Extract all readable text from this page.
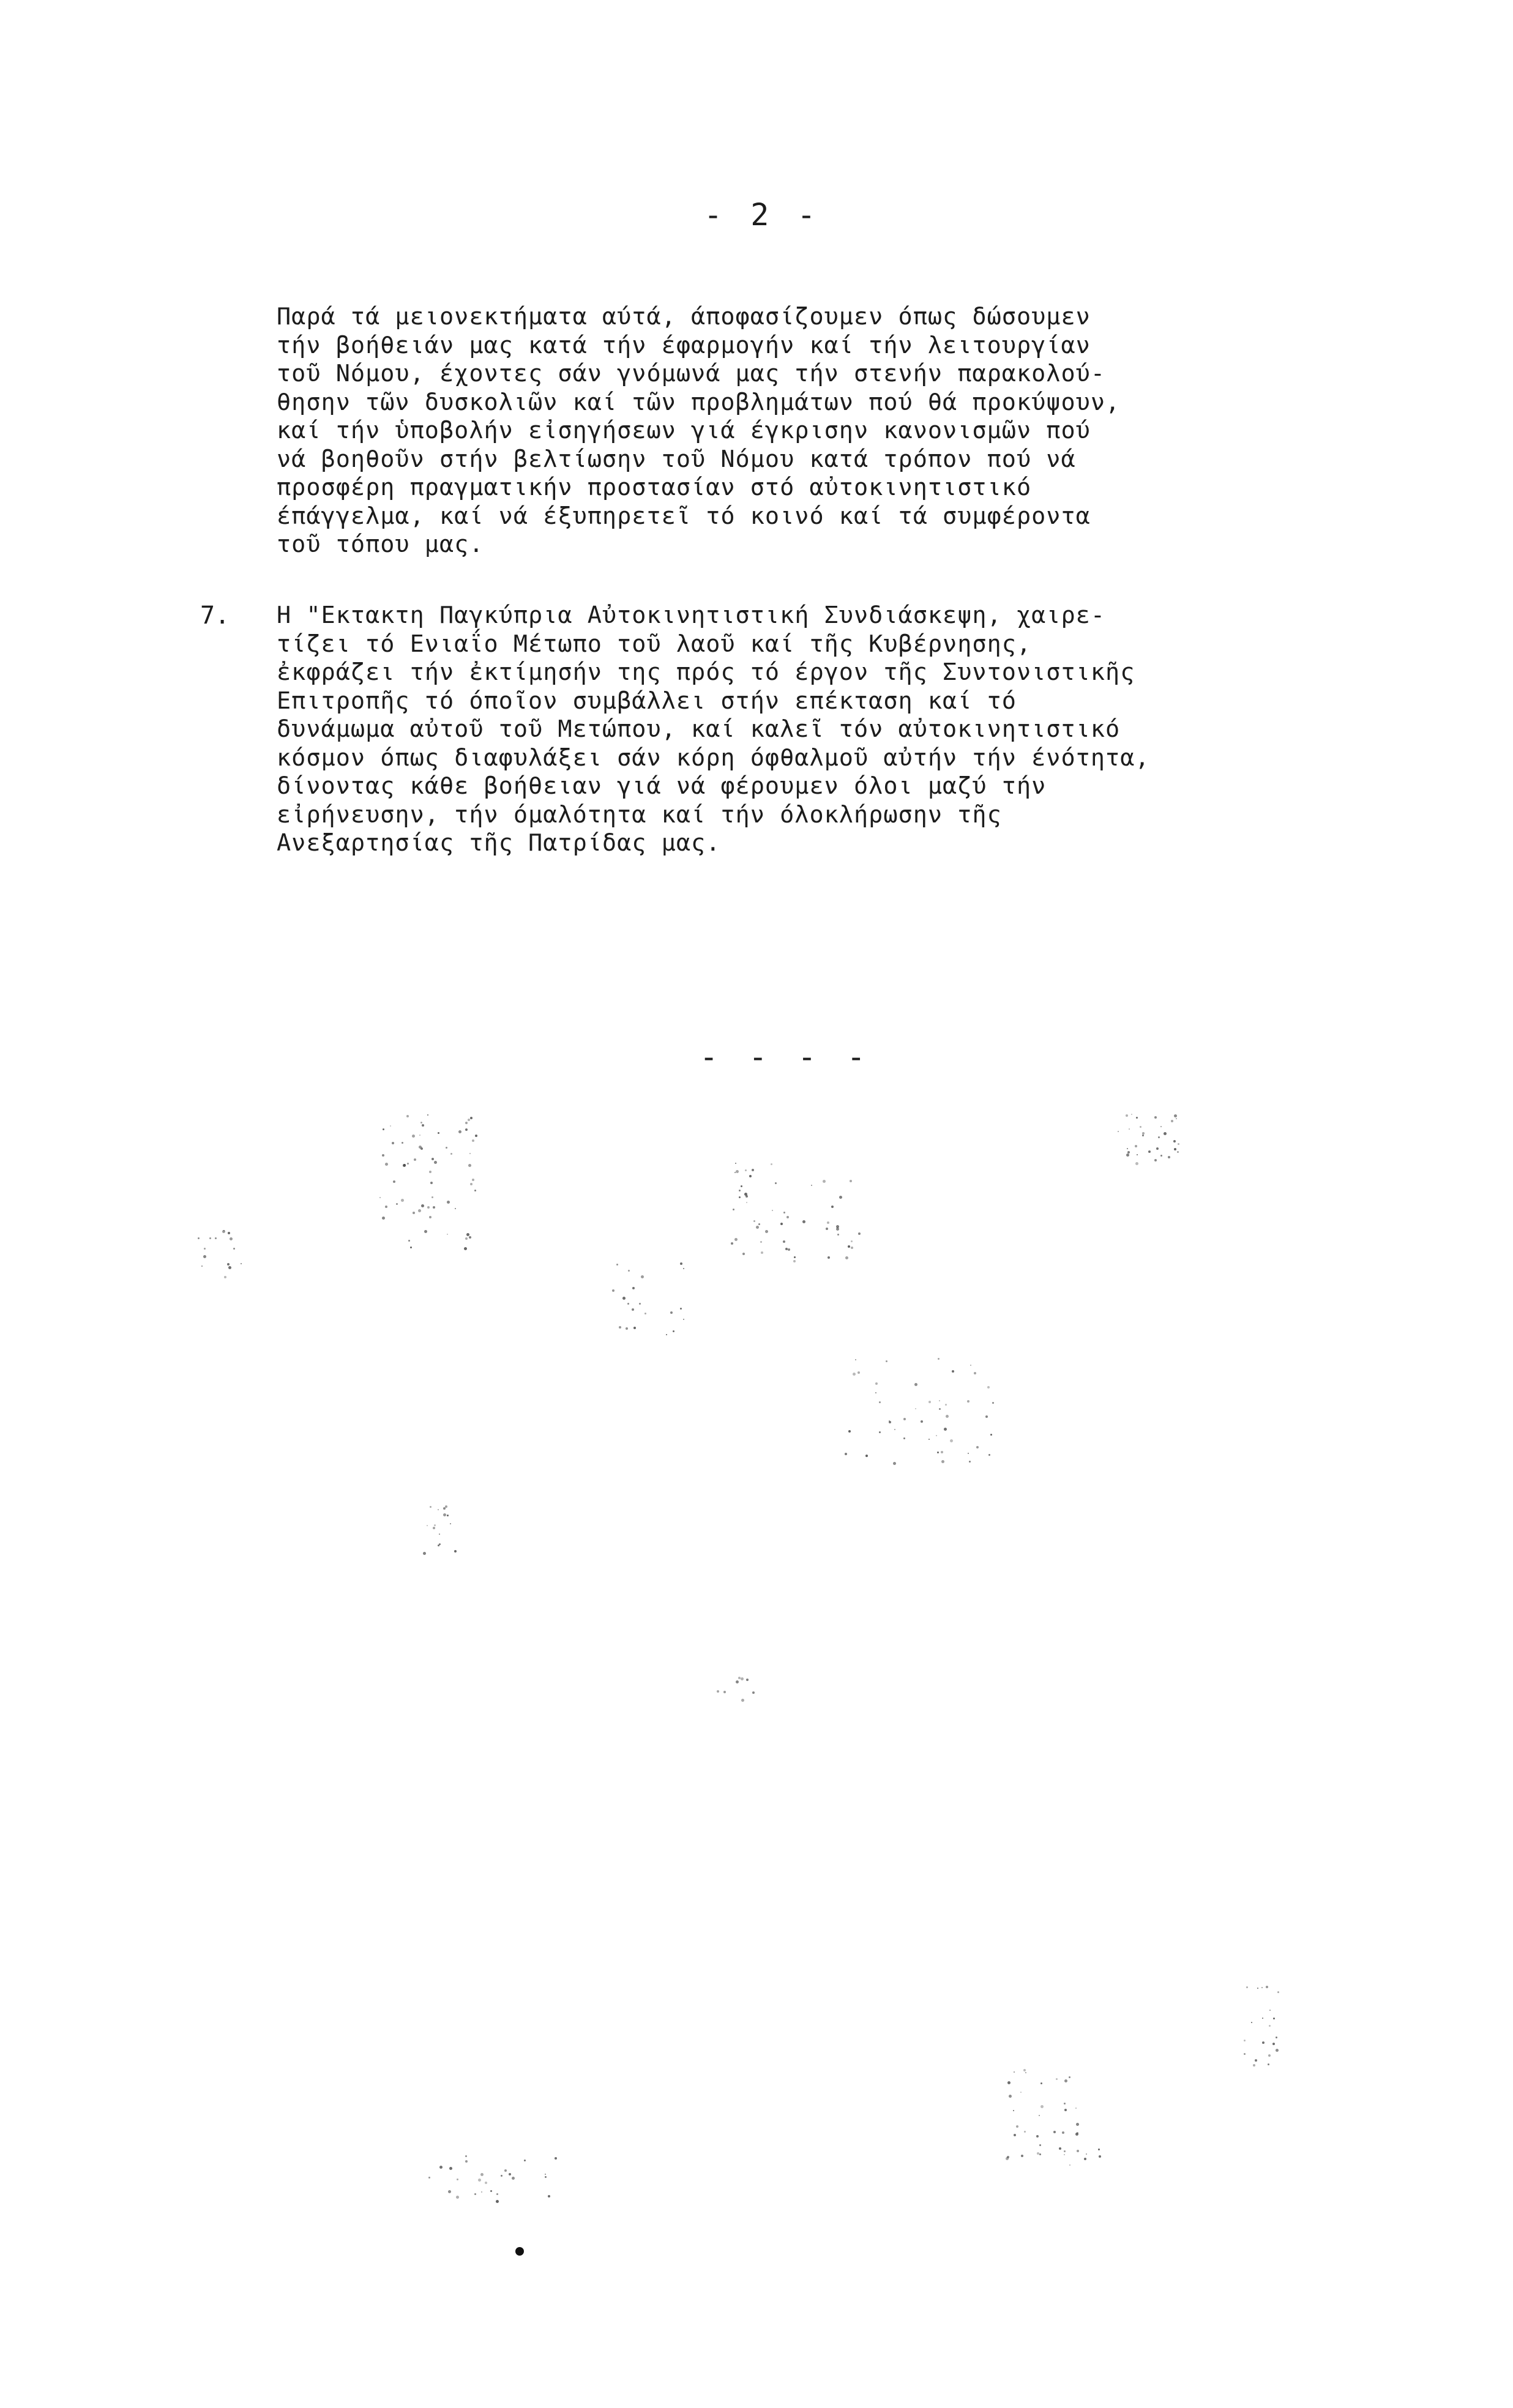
- 2 -
Παρά τά μειονεκτήματα αύτά, άποφασίζουμεν όπως δώσουμεν
τήν βοήθειάν μας κατά τήν έφαρμογήν καί τήν λειτουργίαν
τοῦ Νόμου, έχοντες σάν γνόμωνά μας τήν στενήν παρακολού-
θησην τῶν δυσκολιῶν καί τῶν προβλημάτων πού θά προκύψουν,
καί τήν ὑποβολήν εἰσηγήσεων γιά έγκρισην κανονισμῶν πού
νά βοηθοῦν στήν βελτίωσην τοῦ Νόμου κατά τρόπον πού νά
προσφέρη πραγματικήν προστασίαν στό αὐτοκινητιστικό
έπάγγελμα, καί νά έξυπηρετεῖ τό κοινό καί τά συμφέροντα
τοῦ τόπου μας.
7. Η "Εκτακτη Παγκύπρια Αὐτοκινητιστική Συνδιάσκεψη, χαιρε-
τίζει τό Ενιαΐο Μέτωπο τοῦ λαοῦ καί τῆς Κυβέρνησης,
ἐκφράζει τήν ἐκτίμησήν της πρός τό έργον τῆς Συντονιστικῆς
Επιτροπῆς τό όποῖον συμβάλλει στήν επέκταση καί τό
δυνάμωμα αὐτοῦ τοῦ Μετώπου, καί καλεῖ τόν αὐτοκινητιστικό
κόσμον όπως διαφυλάξει σάν κόρη όφθαλμοῦ αὐτήν τήν ένότητα,
δίνοντας κάθε βοήθειαν γιά νά φέρουμεν όλοι μαζύ τήν
εἰρήνευσην, τήν όμαλότητα καί τήν όλοκλήρωσην τῆς
Ανεξαρτησίας τῆς Πατρίδας μας.
- - - -
